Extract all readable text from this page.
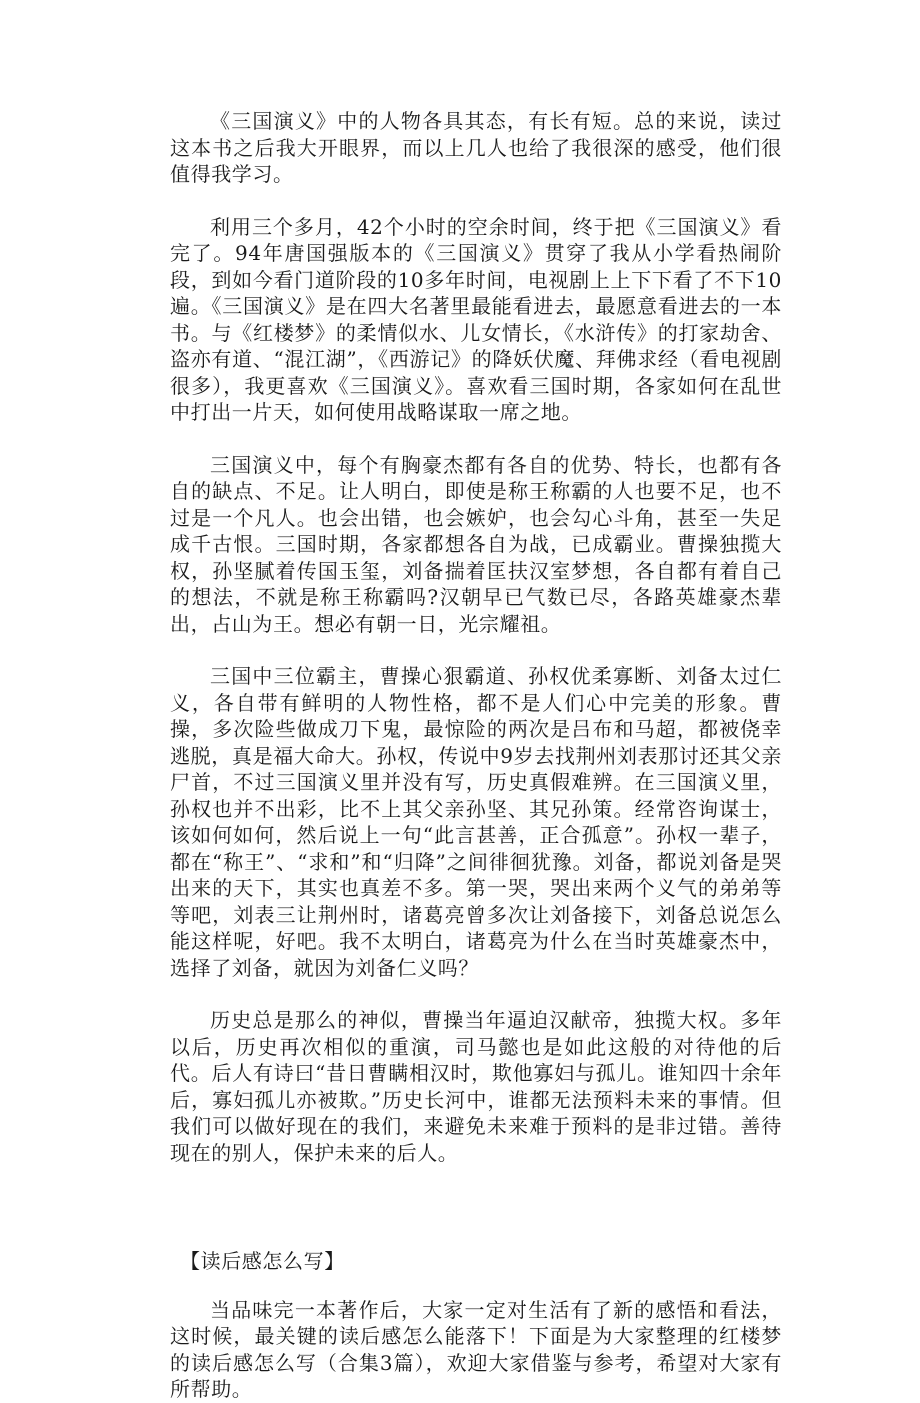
《三国演义》中的人物各具其态，有长有短。总的来说，读过这本书之后我大开眼界，而以上几人也给了我很深的感受，他们很值得我学习。

利用三个多月，42个小时的空余时间，终于把《三国演义》看完了。94年唐国强版本的《三国演义》贯穿了我从小学看热闹阶段，到如今看门道阶段的10多年时间，电视剧上上下下看了不下10遍。《三国演义》是在四大名著里最能看进去，最愿意看进去的一本书。与《红楼梦》的柔情似水、儿女情长，《水浒传》的打家劫舍、盗亦有道、“混江湖”，《西游记》的降妖伏魔、拜佛求经（看电视剧很多），我更喜欢《三国演义》。喜欢看三国时期，各家如何在乱世中打出一片天，如何使用战略谋取一席之地。

三国演义中，每个有胸豪杰都有各自的优势、特长，也都有各自的缺点、不足。让人明白，即使是称王称霸的人也要不足，也不过是一个凡人。也会出错，也会嫉妒，也会勾心斗角，甚至一失足成千古恨。三国时期，各家都想各自为战，已成霸业。曹操独揽大权，孙坚腻着传国玉玺，刘备揣着匡扶汉室梦想，各自都有着自己的想法，不就是称王称霸吗?汉朝早已气数已尽，各路英雄豪杰辈出，占山为王。想必有朝一日，光宗耀祖。

三国中三位霸主，曹操心狠霸道、孙权优柔寡断、刘备太过仁义，各自带有鲜明的人物性格，都不是人们心中完美的形象。曹操，多次险些做成刀下鬼，最惊险的两次是吕布和马超，都被侥幸逃脱，真是福大命大。孙权，传说中9岁去找荆州刘表那讨还其父亲尸首，不过三国演义里并没有写，历史真假难辨。在三国演义里，孙权也并不出彩，比不上其父亲孙坚、其兄孙策。经常咨询谋士，该如何如何，然后说上一句“此言甚善，正合孤意”。孙权一辈子，都在“称王”、“求和”和“归降”之间徘徊犹豫。刘备，都说刘备是哭出来的天下，其实也真差不多。第一哭，哭出来两个义气的弟弟等等吧，刘表三让荆州时，诸葛亮曾多次让刘备接下，刘备总说怎么能这样呢，好吧。我不太明白，诸葛亮为什么在当时英雄豪杰中，选择了刘备，就因为刘备仁义吗？

历史总是那么的神似，曹操当年逼迫汉献帝，独揽大权。多年以后，历史再次相似的重演，司马懿也是如此这般的对待他的后代。后人有诗曰“昔日曹瞒相汉时，欺他寡妇与孤儿。谁知四十余年后，寡妇孤儿亦被欺。”历史长河中，谁都无法预料未来的事情。但我们可以做好现在的我们，来避免未来难于预料的是非过错。善待现在的别人，保护未来的后人。

【读后感怎么写】

当品味完一本著作后，大家一定对生活有了新的感悟和看法，这时候，最关键的读后感怎么能落下！下面是为大家整理的红楼梦的读后感怎么写（合集3篇），欢迎大家借鉴与参考，希望对大家有所帮助。
